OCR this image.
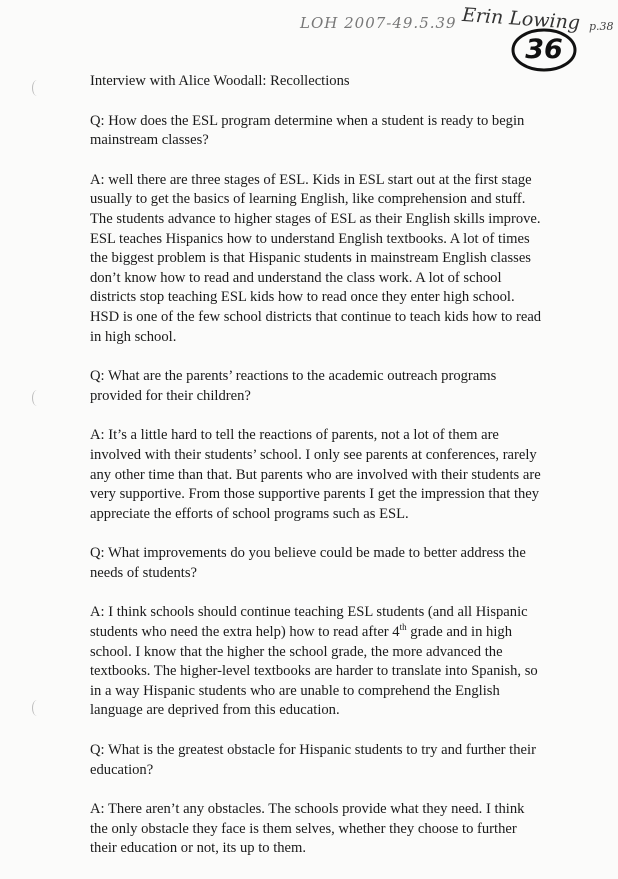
LOH 2007-49.5.39 Erin Lowing p.38
36
Interview with Alice Woodall: Recollections

Q: How does the ESL program determine when a student is ready to begin mainstream classes?

A: well there are three stages of ESL. Kids in ESL start out at the first stage usually to get the basics of learning English, like comprehension and stuff. The students advance to higher stages of ESL as their English skills improve. ESL teaches Hispanics how to understand English textbooks. A lot of times the biggest problem is that Hispanic students in mainstream English classes don’t know how to read and understand the class work. A lot of school districts stop teaching ESL kids how to read once they enter high school. HSD is one of the few school districts that continue to teach kids how to read in high school.

Q: What are the parents’ reactions to the academic outreach programs provided for their children?

A: It’s a little hard to tell the reactions of parents, not a lot of them are involved with their students’ school. I only see parents at conferences, rarely any other time than that. But parents who are involved with their students are very supportive. From those supportive parents I get the impression that they appreciate the efforts of school programs such as ESL.

Q: What improvements do you believe could be made to better address the needs of students?

A: I think schools should continue teaching ESL students (and all Hispanic students who need the extra help) how to read after 4th grade and in high school. I know that the higher the school grade, the more advanced the textbooks. The higher-level textbooks are harder to translate into Spanish, so in a way Hispanic students who are unable to comprehend the English language are deprived from this education.

Q: What is the greatest obstacle for Hispanic students to try and further their education?

A: There aren’t any obstacles. The schools provide what they need. I think the only obstacle they face is them selves, whether they choose to further their education or not, its up to them.
